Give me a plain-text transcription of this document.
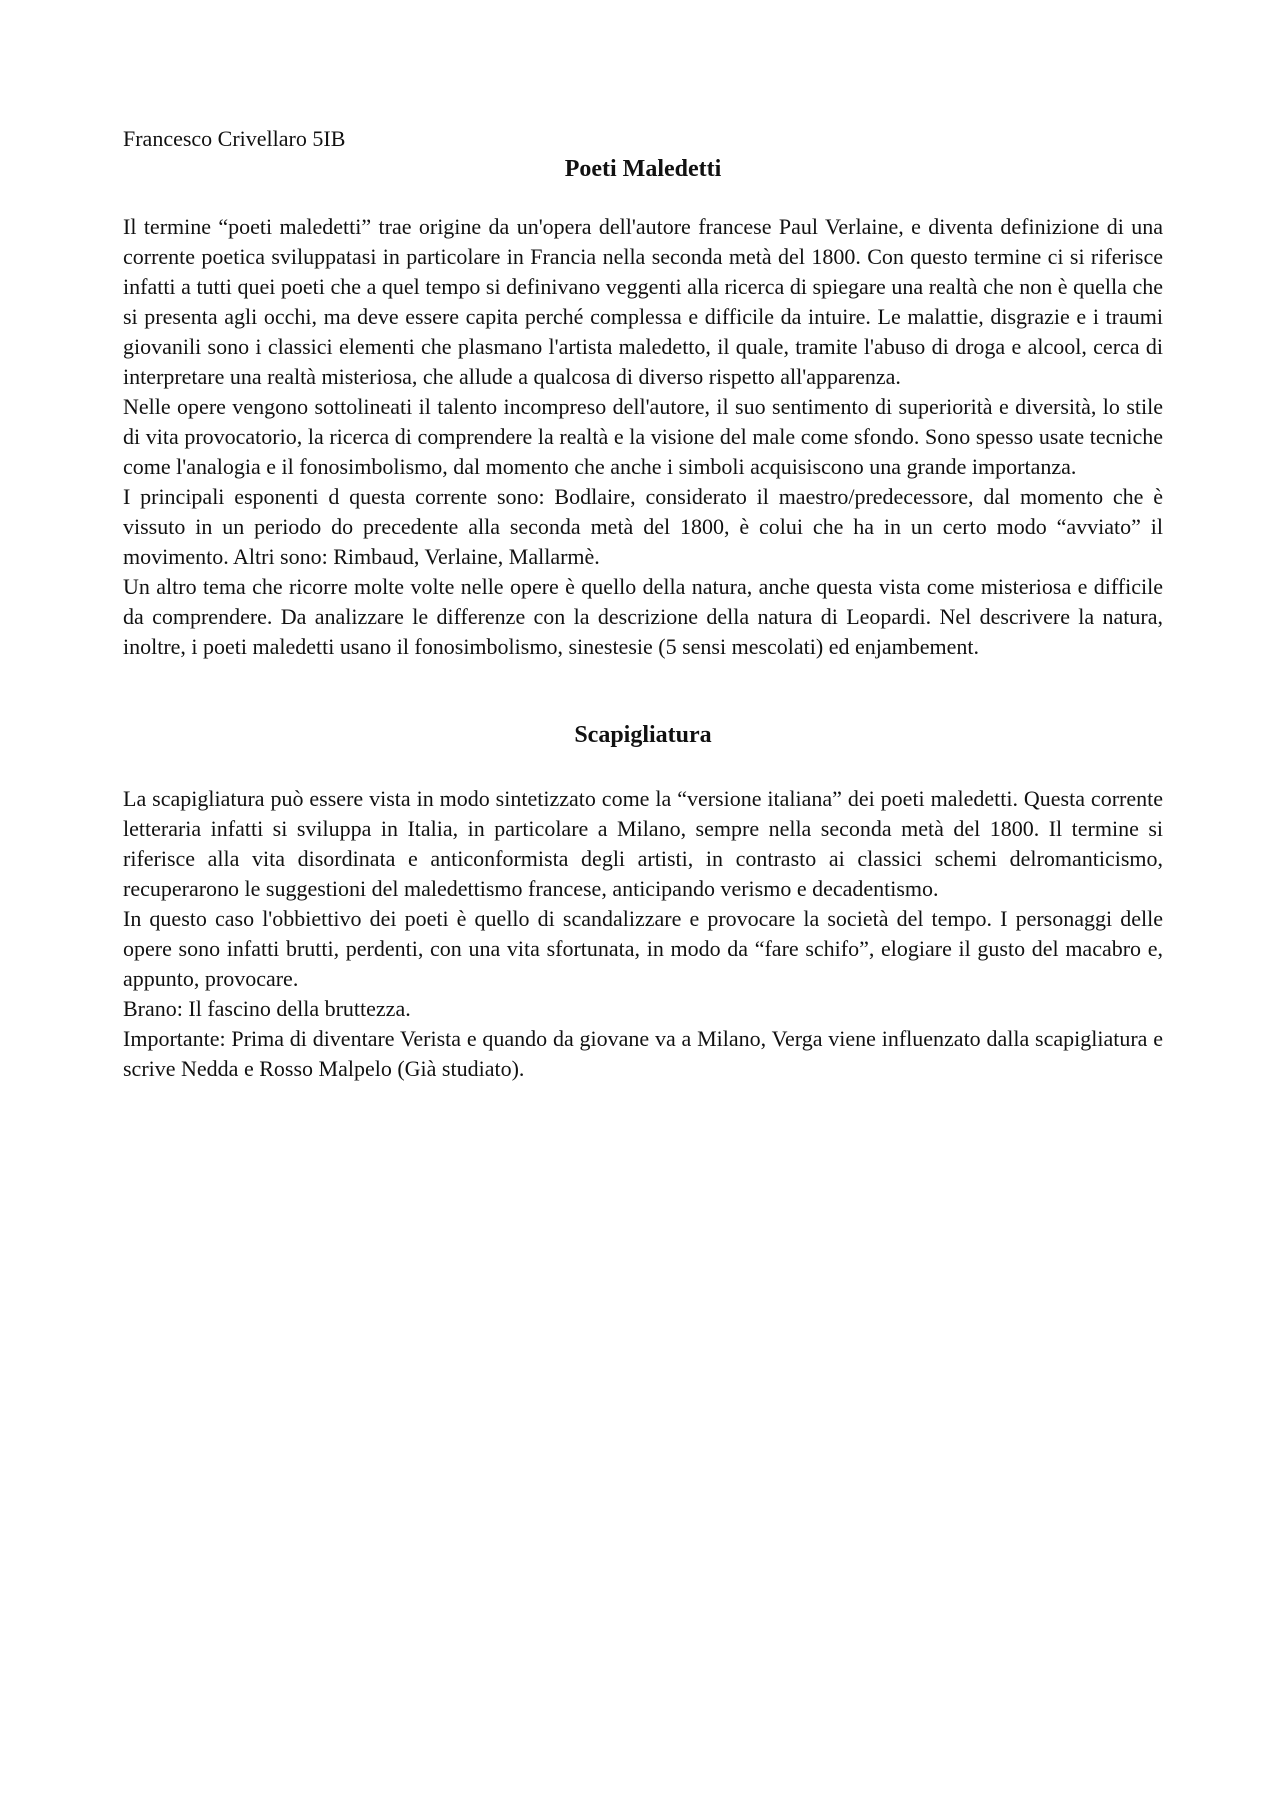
Francesco Crivellaro 5IB

Poeti Maledetti

Il termine “poeti maledetti” trae origine da un'opera dell'autore francese Paul Verlaine, e diventa definizione di una corrente poetica sviluppatasi in particolare in Francia nella seconda metà del 1800. Con questo termine ci si riferisce infatti a tutti quei poeti che a quel tempo si definivano veggenti alla ricerca di spiegare una realtà che non è quella che si presenta agli occhi, ma deve essere capita perché complessa e difficile da intuire. Le malattie, disgrazie e i traumi giovanili sono i classici elementi che plasmano l'artista maledetto, il quale, tramite l'abuso di droga e alcool, cerca di interpretare una realtà misteriosa, che allude a qualcosa di diverso rispetto all'apparenza.

Nelle opere vengono sottolineati il talento incompreso dell'autore, il suo sentimento di superiorità e diversità, lo stile di vita provocatorio, la ricerca di comprendere la realtà e la visione del male come sfondo. Sono spesso usate tecniche come l'analogia e il fonosimbolismo, dal momento che anche i simboli acquisiscono una grande importanza.

I principali esponenti d questa corrente sono: Bodlaire, considerato il maestro/predecessore, dal momento che è vissuto in un periodo do precedente alla seconda metà del 1800, è colui che ha in un certo modo “avviato” il movimento. Altri sono: Rimbaud, Verlaine, Mallarmè.

Un altro tema che ricorre molte volte nelle opere è quello della natura, anche questa vista come misteriosa e difficile da comprendere. Da analizzare le differenze con la descrizione della natura di Leopardi. Nel descrivere la natura, inoltre, i poeti maledetti usano il fonosimbolismo, sinestesie (5 sensi mescolati) ed enjambement.

Scapigliatura

La scapigliatura può essere vista in modo sintetizzato come la “versione italiana” dei poeti maledetti. Questa corrente letteraria infatti si sviluppa in Italia, in particolare a Milano, sempre nella seconda metà del 1800. Il termine si riferisce alla vita disordinata e anticonformista degli artisti, in contrasto ai classici schemi delromanticismo, recuperarono le suggestioni del maledettismo francese, anticipando verismo e decadentismo.

In questo caso l'obbiettivo dei poeti è quello di scandalizzare e provocare la società del tempo. I personaggi delle opere sono infatti brutti, perdenti, con una vita sfortunata, in modo da “fare schifo”, elogiare il gusto del macabro e, appunto, provocare.

Brano: Il fascino della bruttezza.

Importante: Prima di diventare Verista e quando da giovane va a Milano, Verga viene influenzato dalla scapigliatura e scrive Nedda e Rosso Malpelo (Già studiato).
